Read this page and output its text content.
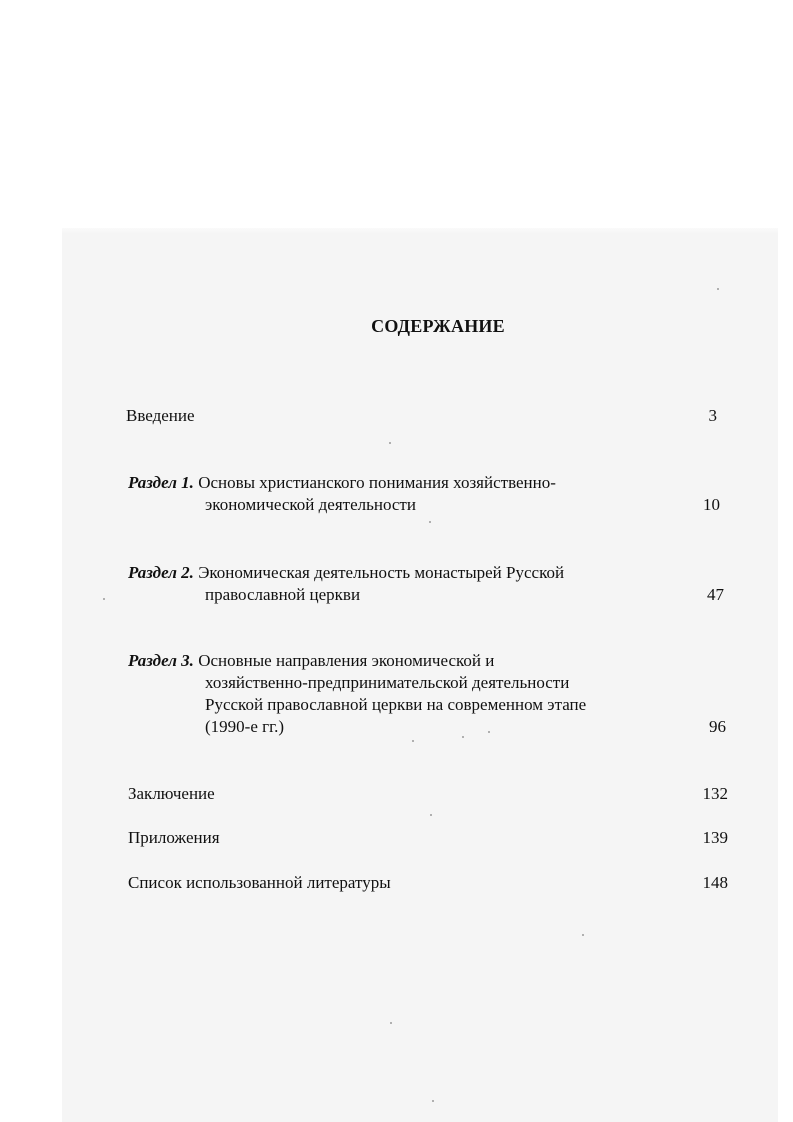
СОДЕРЖАНИЕ
Введение	3
Раздел 1. Основы христианского понимания хозяйственно-
экономической деятельности	10
Раздел 2. Экономическая деятельность монастырей Русской
православной церкви	47
Раздел 3. Основные направления экономической и
хозяйственно-предпринимательской деятельности
Русской православной церкви на современном этапе
(1990-е гг.)	96
Заключение	132
Приложения	139
Список использованной литературы	148
